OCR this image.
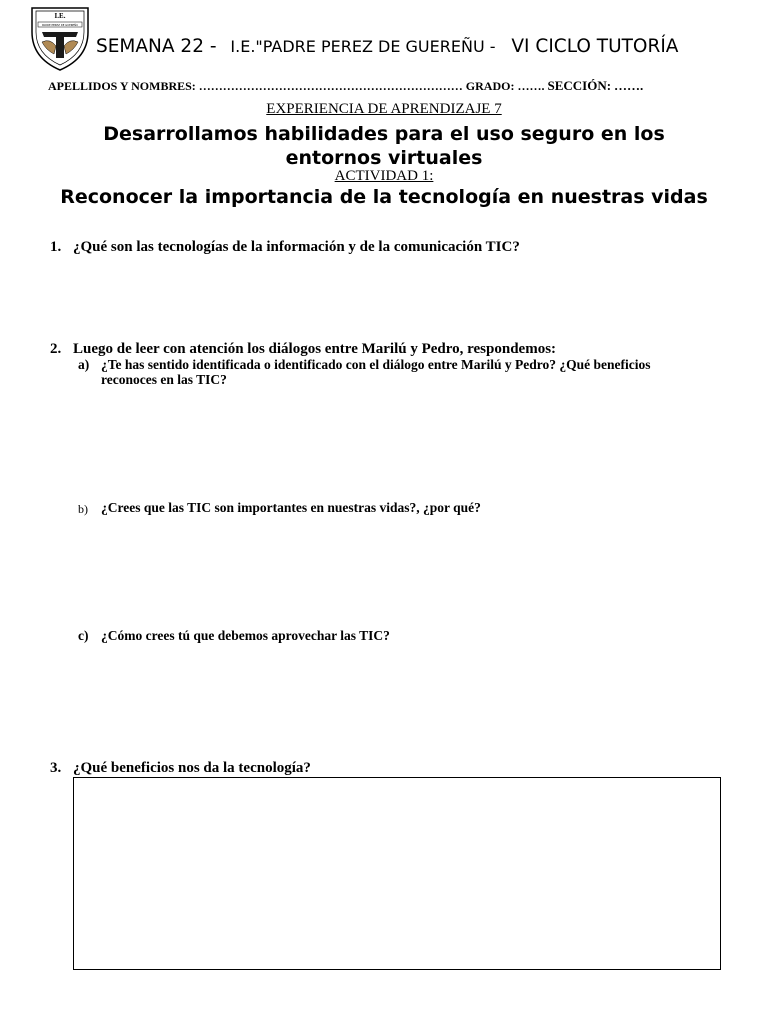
I.E.
PADRE PEREZ DE GUEREÑU
SEMANA 22 - I.E."PADRE PEREZ DE GUEREÑU - VI CICLO TUTORÍA
APELLIDOS Y NOMBRES: ………………………………………………………… GRADO: ……. SECCIÓN: …….
EXPERIENCIA DE APRENDIZAJE 7
Desarrollamos habilidades para el uso seguro en los entornos virtuales
ACTIVIDAD 1:
Reconocer la importancia de la tecnología en nuestras vidas
1. ¿Qué son las tecnologías de la información y de la comunicación TIC?
2. Luego de leer con atención los diálogos entre Marilú y Pedro, respondemos:
a) ¿Te has sentido identificada o identificado con el diálogo entre Marilú y Pedro? ¿Qué beneficios reconoces en las TIC?
b) ¿Crees que las TIC son importantes en nuestras vidas?, ¿por qué?
c) ¿Cómo crees tú que debemos aprovechar las TIC?
3. ¿Qué beneficios nos da la tecnología?
